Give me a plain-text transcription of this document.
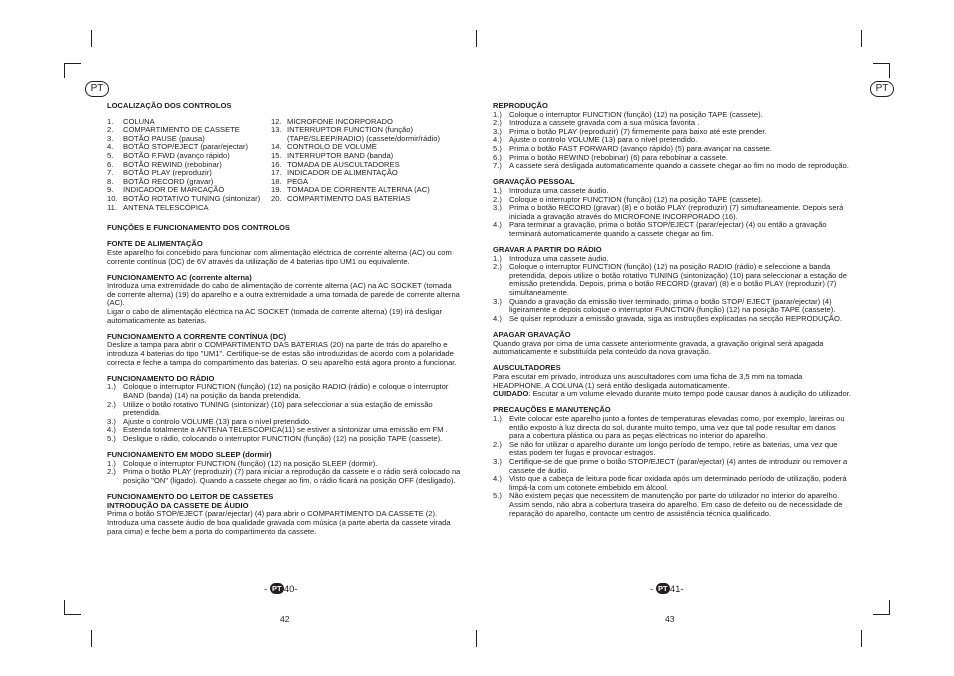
PT
LOCALIZAÇÃO DOS CONTROLOS
1.	COLUNA
2.	COMPARTIMENTO DE CASSETE
3.	BOTÃO PAUSE (pausa)
4.	BOTÃO STOP/EJECT (parar/ejectar)
5.	BOTÃO F.FWD (avanço rápido)
6.	BOTÃO REWIND (rebobinar)
7.	BOTÃO PLAY (reproduzir)
8.	BOTÃO RECORD (gravar)
9.	INDICADOR DE MARCAÇÃO
10. BOTÃO ROTATIVO TUNING (sintonizar)
11. ANTENA TELESCÓPICA
12. MICROFONE INCORPORADO
13. INTERRUPTOR FUNCTION (função)
(TAPE/SLEEP/RADIO) (cassete/dormir/rádio)
14. CONTROLO DE VOLUME
15. INTERRUPTOR BAND (banda)
16. TOMADA DE AUSCULTADORES
17. INDICADOR DE ALIMENTAÇÃO
18. PEGA
19. TOMADA DE CORRENTE ALTERNA (AC)
20. COMPARTIMENTO DAS BATERIAS
FUNÇÕES E FUNCIONAMENTO DOS CONTROLOS
FONTE DE ALIMENTAÇÃO

Este aparelho foi concebido para funcionar com alimentação eléctrica de corrente alterna (AC) ou com corrente contínua (DC) de 6V através da utilização de 4 baterias tipo UM1 ou equivalente.

FUNCIONAMENTO AC (corrente alterna)

Introduza uma extremidade do cabo de alimentação de corrente alterna (AC) na AC SOCKET (tomada de corrente alterna) (19) do aparelho e a outra extremidade a uma tomada de parede de corrente alterna (AC).

Ligar o cabo de alimentação eléctrica na AC SOCKET (tomada de corrente alterna) (19) irá desligar automaticamente as baterias.

FUNCIONAMENTO A CORRENTE CONTÍNUA (DC)

Deslize a tampa para abrir o COMPARTIMENTO DAS BATERIAS (20) na parte de trás do aparelho e introduza 4 baterias do tipo "UM1". Certifique-se de estas são introduzidas de acordo com a polaridade correcta e feche a tampa do compartimento das baterias. O seu aparelho está agora pronto a funcionar.

FUNCIONAMENTO DO RÁDIO
1.) Coloque o interruptor FUNCTION (função) (12) na posição RADIO (rádio) e coloque o interruptor BAND (banda) (14) na posição da banda pretendida.
2.) Utilize o botão rotativo TUNING (sintonizar) (10) para seleccionar a sua estação de emissão pretendida.
3.) Ajuste o controlo VOLUME (13) para o nível pretendido.
4.) Estenda totalmente a ANTENA TELESCÓPICA(11) se estiver a sintonizar uma emissão em FM .
5.) Desligue o rádio, colocando o interruptor FUNCTION (função) (12) na posição TAPE (cassete).
FUNCIONAMENTO EM MODO SLEEP (dormir)
1.) Coloque o interruptor FUNCTION (função) (12) na posição SLEEP (dormir).
2.) Prima o botão PLAY (reproduzir) (7) para iniciar a reprodução da cassete e o rádio será colocado na posição "ON" (ligado). Quando a cassete chegar ao fim, o rádio ficará na posição OFF (desligado).
FUNCIONAMENTO DO LEITOR DE CASSETES
INTRODUÇÃO DA CASSETE DE ÁUDIO

Prima o botão STOP/EJECT (parar/ejectar) (4) para abrir o COMPARTIMENTO DA CASSETE (2). Introduza uma cassete áudio de boa qualidade gravada com música (a parte aberta da cassete virada para cima) e feche bem a porta do compartimento da cassete.

- PT 40-
42
PT
REPRODUÇÃO
1.) Coloque o interruptor FUNCTION (função) (12) na posição TAPE (cassete).
2.) Introduza a cassete gravada com a sua música favorita .
3.) Prima o botão PLAY (reproduzir) (7) firmemente para baixo até este prender.
4.) Ajuste o controlo VOLUME (13) para o nível pretendido.
5.) Prima o botão FAST FORWARD (avanço rápido) (5) para avançar na cassete.
6.) Prima o botão REWIND (rebobinar) (6) para rebobinar a cassete.
7.) A cassete será desligada automaticamente quando a cassete chegar ao fim no modo de reprodução.
GRAVAÇÃO PESSOAL
1.) Introduza uma cassete áudio.
2.) Coloque o interruptor FUNCTION (função) (12) na posição TAPE (cassete).
3.) Prima o botão RECORD (gravar) (8) e o botão PLAY (reproduzir) (7) simultaneamente. Depois será iniciada a gravação através do MICROFONE INCORPORADO (16).
4.) Para terminar a gravação, prima o botão STOP/EJECT (parar/ejectar) (4) ou então a gravação terminará automaticamente quando a cassete chegar ao fim.
GRAVAR A PARTIR DO RÁDIO
1.) Introduza uma cassete áudio.
2.) Coloque o interruptor FUNCTION (função) (12) na posição RADIO (rádio) e seleccione a banda pretendida, depois utilize o botão rotativo TUNING (sintonização) (10) para seleccionar a estação de emissão pretendida. Depois, prima o botão RECORD (gravar) (8) e o botão PLAY (reproduzir) (7) simultaneamente.
3.) Quando a gravação da emissão tiver terminado, prima o botão STOP/ EJECT (parar/ejectar) (4) ligeiramente e depois coloque o interruptor FUNCTION (função) (12) na posição TAPE (cassete).
4.) Se quiser reproduzir a emissão gravada, siga as instruções explicadas na secção REPRODUÇÃO.
APAGAR GRAVAÇÃO

Quando grava por cima de uma cassete anteriormente gravada, a gravação original será apagada automaticamente e substituída pela conteúdo da nova gravação.

AUSCULTADORES

Para escutar em privado, introduza uns auscultadores com uma ficha de 3,5 mm na tomada HEADPHONE. A COLUNA (1) será então desligada automaticamente.

CUIDADO: Escutar a um volume elevado durante muito tempo pode causar danos à audição do utilizador.

PRECAUÇÕES E MANUTENÇÃO
1.) Evite colocar este aparelho junto a fontes de temperaturas elevadas como, por exemplo, lareiras ou então exposto à luz directa do sol, durante muito tempo, uma vez que tal pode resultar em danos para a cobertura plástica ou para as peças eléctricas no interior do aparelho.
2.) Se não for utilizar o aparelho durante um longo período de tempo, retire as baterias, uma vez que estas podem ter fugas e provocar estragos.
3.) Certifique-se de que prime o botão STOP/EJECT (parar/ejectar) (4) antes de introduzir ou remover a cassete de áudio.
4.) Visto que a cabeça de leitura pode ficar oxidada após um determinado período de utilização, poderá limpá-la com um cotonete embebido em álcool.
5.) Não existem peças que necessitem de manutenção por parte do utilizador no interior do aparelho. Assim sendo, não abra a cobertura traseira do aparelho. Em caso de defeito ou de necessidade de reparação do aparelho, contacte um centro de assistência técnica qualificado.
- PT 41-
43
